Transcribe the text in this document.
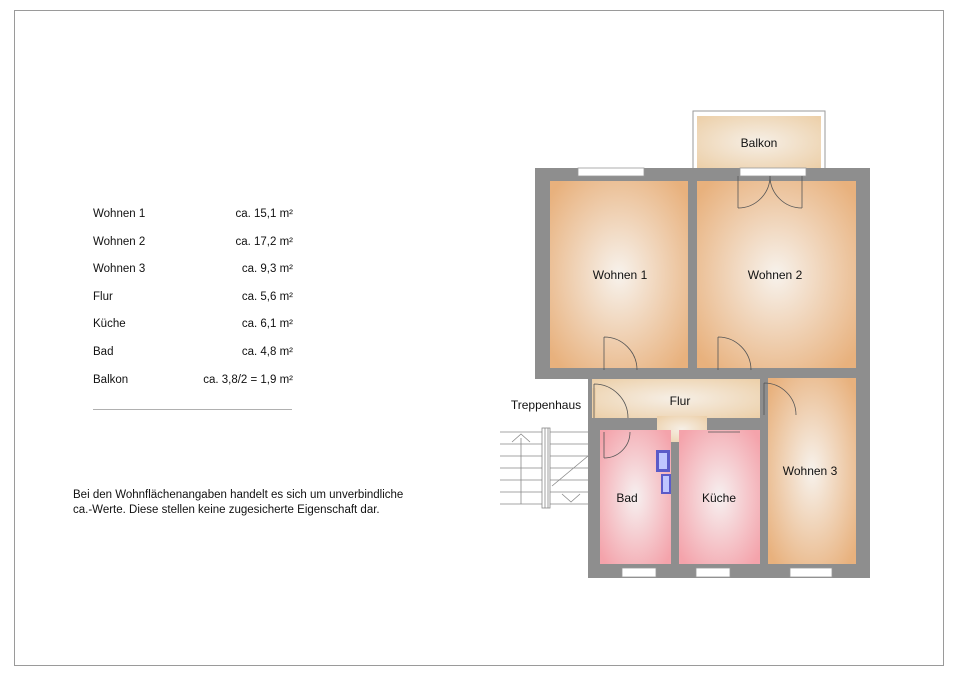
Wohnen 1	ca. 15,1 m²
Wohnen 2	ca. 17,2 m²
Wohnen 3	ca. 9,3 m²
Flur	ca. 5,6 m²
Küche	ca. 6,1 m²
Bad	ca. 4,8 m²
Balkon	ca. 3,8/2 = 1,9 m²
Bei den Wohnflächenangaben handelt es sich um unverbindliche
ca.-Werte. Diese stellen keine zugesicherte Eigenschaft dar.
Balkon
Wohnen 1	Wohnen 2
Flur
Treppenhaus
Bad	Küche
Wohnen 3
